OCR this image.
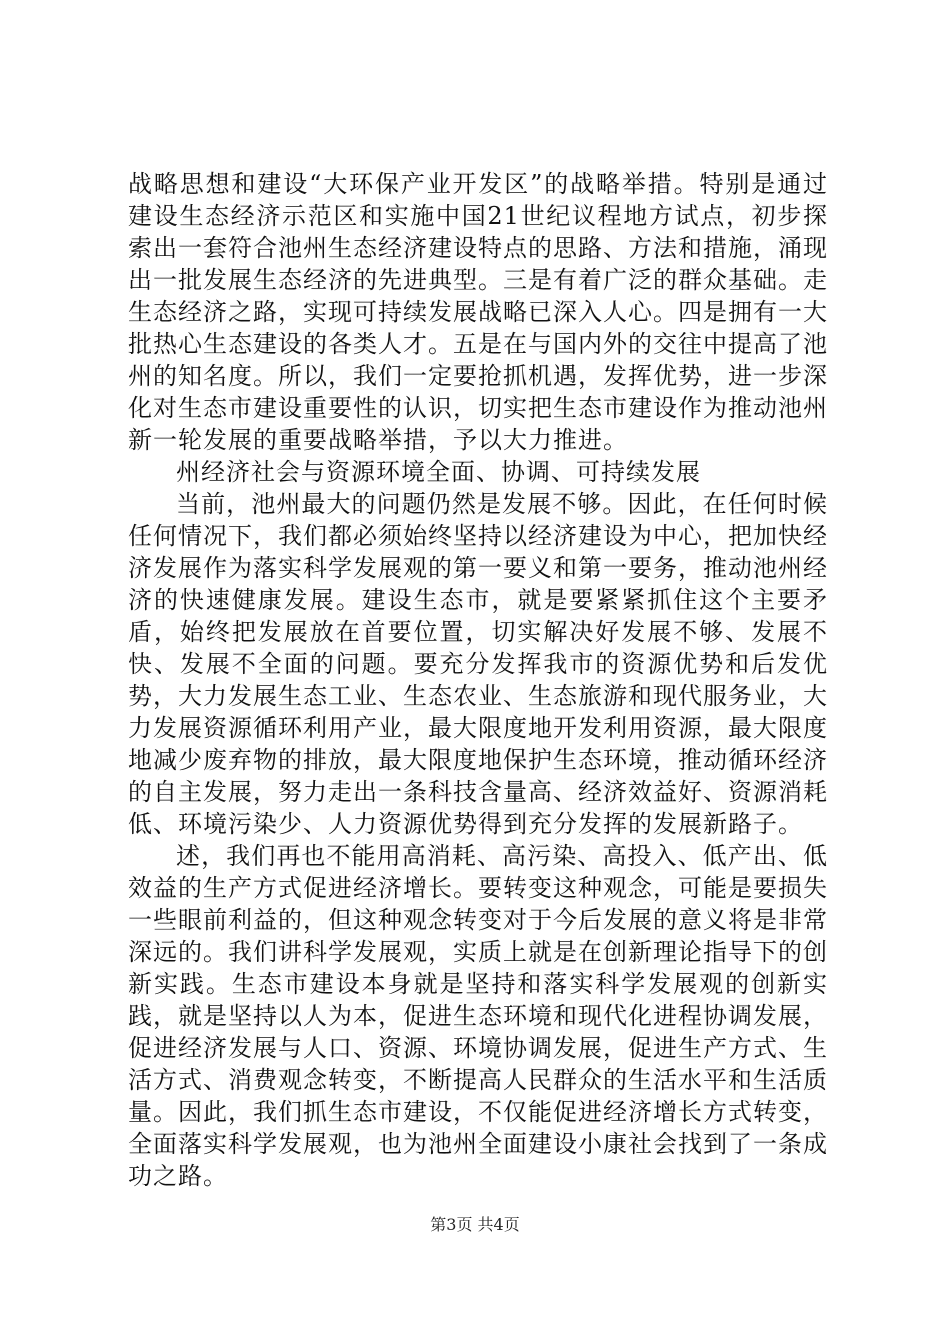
战略思想和建设“大环保产业开发区”的战略举措。特别是通过建设生态经济示范区和实施中国21世纪议程地方试点，初步探索出一套符合池州生态经济建设特点的思路、方法和措施，涌现出一批发展生态经济的先进典型。三是有着广泛的群众基础。走生态经济之路，实现可持续发展战略已深入人心。四是拥有一大批热心生态建设的各类人才。五是在与国内外的交往中提高了池州的知名度。所以，我们一定要抢抓机遇，发挥优势，进一步深化对生态市建设重要性的认识，切实把生态市建设作为推动池州新一轮发展的重要战略举措，予以大力推进。

州经济社会与资源环境全面、协调、可持续发展

当前，池州最大的问题仍然是发展不够。因此，在任何时候任何情况下，我们都必须始终坚持以经济建设为中心，把加快经济发展作为落实科学发展观的第一要义和第一要务，推动池州经济的快速健康发展。建设生态市，就是要紧紧抓住这个主要矛盾，始终把发展放在首要位置，切实解决好发展不够、发展不快、发展不全面的问题。要充分发挥我市的资源优势和后发优势，大力发展生态工业、生态农业、生态旅游和现代服务业，大力发展资源循环利用产业，最大限度地开发利用资源，最大限度地减少废弃物的排放，最大限度地保护生态环境，推动循环经济的自主发展，努力走出一条科技含量高、经济效益好、资源消耗低、环境污染少、人力资源优势得到充分发挥的发展新路子。

述，我们再也不能用高消耗、高污染、高投入、低产出、低效益的生产方式促进经济增长。要转变这种观念，可能是要损失一些眼前利益的，但这种观念转变对于今后发展的意义将是非常深远的。我们讲科学发展观，实质上就是在创新理论指导下的创新实践。生态市建设本身就是坚持和落实科学发展观的创新实践，就是坚持以人为本，促进生态环境和现代化进程协调发展，促进经济发展与人口、资源、环境协调发展，促进生产方式、生活方式、消费观念转变，不断提高人民群众的生活水平和生活质量。因此，我们抓生态市建设，不仅能促进经济增长方式转变，全面落实科学发展观，也为池州全面建设小康社会找到了一条成功之路。

第3页 共4页
